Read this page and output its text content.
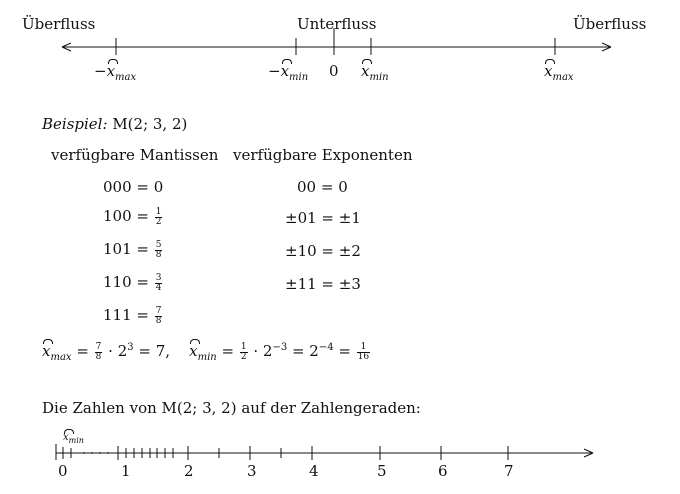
Überfluss	Unterfluss	Überfluss
$-x_{max}$	$-x_{min}$ 0 $x_{min}$	$x_{max}$
Beispiel: M(2; 3, 2)
verfügbare Mantissen verfügbare Exponenten
000 = 0
$100 = \frac{1}{2}$
$101 = \frac{5}{8}$
$110 = \frac{3}{4}$
$111 = \frac{7}{8}$
00 = 0
±01 = ±1
±10 = ±2
±11 = ±3
$x_{max} = \frac{7}{8} \cdot 2^3 = 7$, $x_{min} = \frac{1}{2} \cdot 2^{-3} = 2^{-4} = \frac{1}{16}$
Die Zahlen von M(2; 3, 2) auf der Zahlengeraden:
$x_{min}$
0	1	2	3	4	5	6	7
